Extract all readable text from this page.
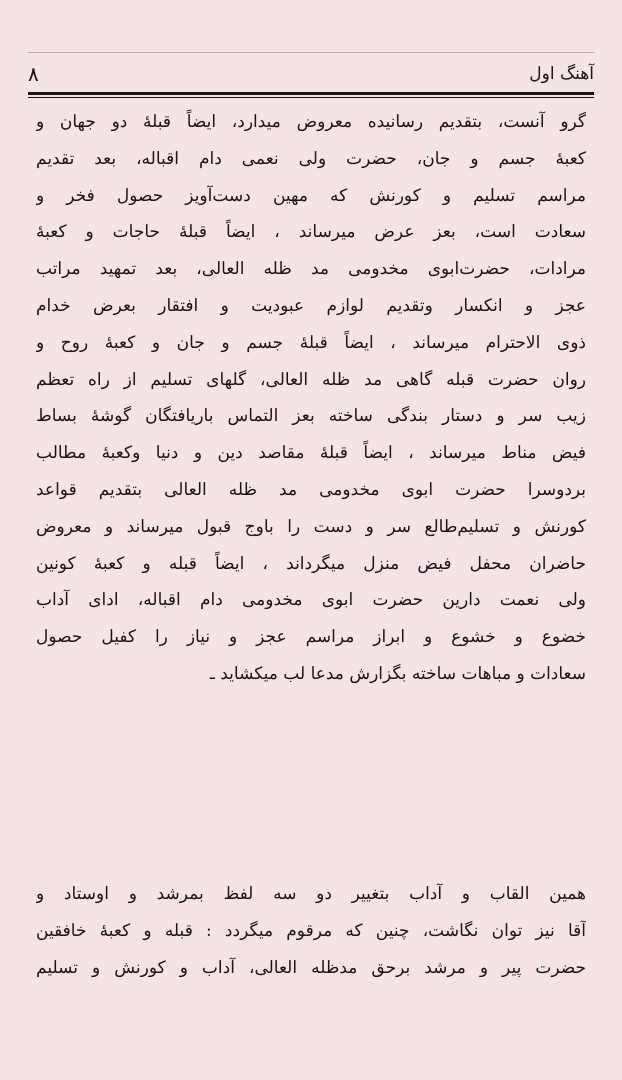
٨	آهنگ اول
گرو آنست، بتقدیم رسانیده معروض میدارد، ایضاً قبلهٔ دو جهان و
کعبهٔ جسم و جان، حضرت ولی نعمی دام اقباله، بعد تقدیم
مراسم تسلیم و کورنش که مهین دست‌آویز حصول فخر و
سعادت است، بعز عرض میرساند ، ایضاً قبلهٔ حاجات و کعبهٔ
مرادات، حضرت‌ابوی مخدومی مد ظله العالی، بعد تمهید مراتب
عجز و انکسار وتقدیم لوازم عبودیت و افتقار بعرض خدام
ذوی الاحترام میرساند ، ایضاً قبلهٔ جسم و جان و کعبهٔ روح و
روان حضرت قبله گاهی مد ظله العالی، گلهای تسلیم از راه تعظم
زیب سر و دستار بندگی ساخته بعز التماس باریافتگان گوشهٔ بساط
فیض مناط میرساند ، ایضاً قبلهٔ مقاصد دین و دنیا وکعبهٔ مطالب
بردوسرا حضرت ابوی مخدومی مد ظله العالی بتقدیم قواعد
کورنش و تسلیم‌طالع سر و دست را باوج قبول میرساند و معروض
حاضران محفل فیض منزل میگرداند ، ایضاً قبله و کعبهٔ کونین
ولی نعمت دارین حضرت ابوی مخدومی دام اقباله، ادای آداب
خضوع و خشوع و ابراز مراسم عجز و نیاز را کفیل حصول
سعادات و مباهات ساخته بگزارش مدعا لب میکشاید ـ
همین القاب و آداب بتغییر دو سه لفظ بمرشد و اوستاد و
آقا نیز توان نگاشت، چنین که مرقوم میگردد : قبله و کعبهٔ خافقین
حضرت پیر و مرشد برحق مدظله العالی، آداب و کورنش و تسلیم
